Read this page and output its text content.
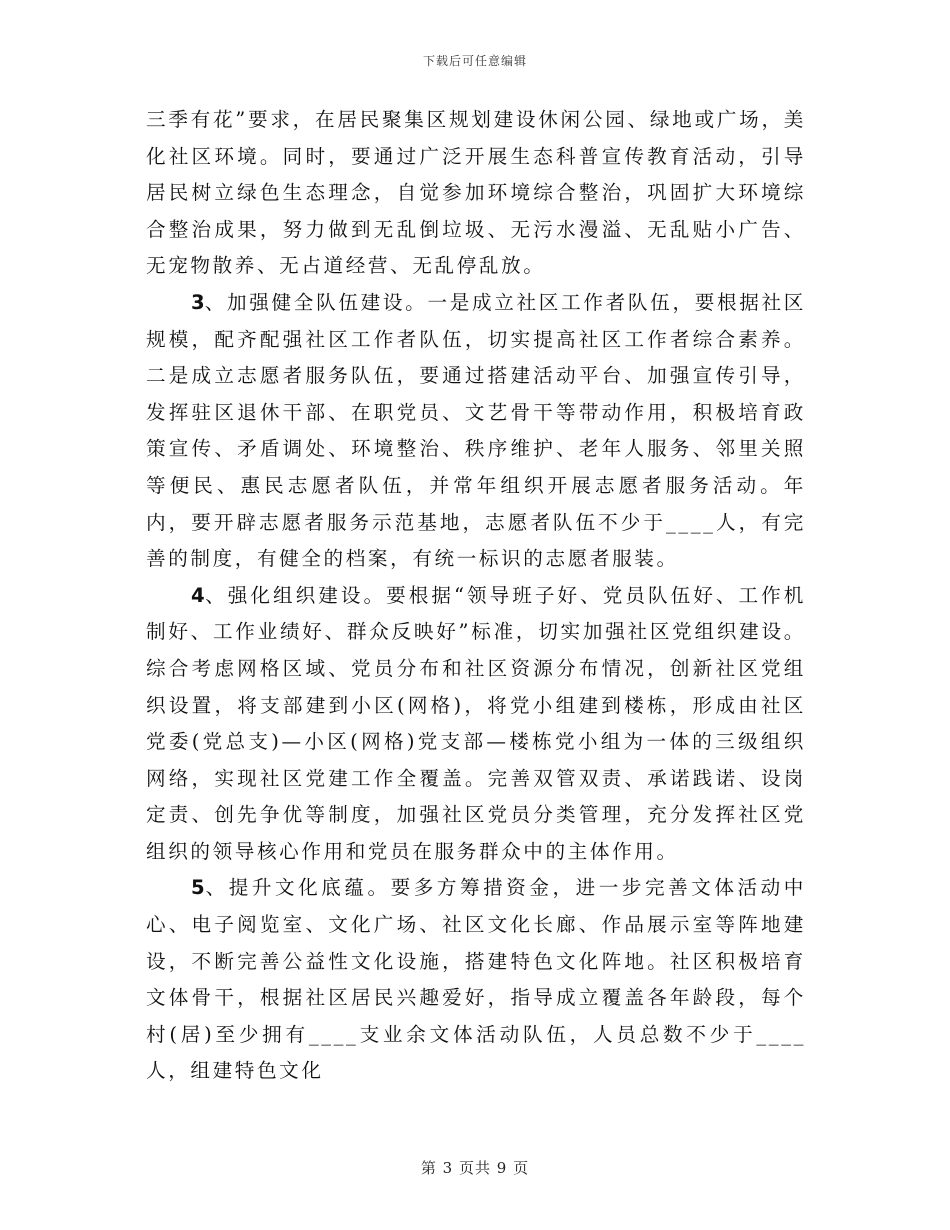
下载后可任意编辑

三季有花”要求，在居民聚集区规划建设休闲公园、绿地或广场，美化社区环境。同时，要通过广泛开展生态科普宣传教育活动，引导居民树立绿色生态理念，自觉参加环境综合整治，巩固扩大环境综合整治成果，努力做到无乱倒垃圾、无污水漫溢、无乱贴小广告、无宠物散养、无占道经营、无乱停乱放。

3、加强健全队伍建设。一是成立社区工作者队伍，要根据社区规模，配齐配强社区工作者队伍，切实提高社区工作者综合素养。二是成立志愿者服务队伍，要通过搭建活动平台、加强宣传引导，发挥驻区退休干部、在职党员、文艺骨干等带动作用，积极培育政策宣传、矛盾调处、环境整治、秩序维护、老年人服务、邻里关照等便民、惠民志愿者队伍，并常年组织开展志愿者服务活动。年内，要开辟志愿者服务示范基地，志愿者队伍不少于____人，有完善的制度，有健全的档案，有统一标识的志愿者服装。

4、强化组织建设。要根据“领导班子好、党员队伍好、工作机制好、工作业绩好、群众反映好”标准，切实加强社区党组织建设。综合考虑网格区域、党员分布和社区资源分布情况，创新社区党组织设置，将支部建到小区(网格)，将党小组建到楼栋，形成由社区党委(党总支)—小区(网格)党支部—楼栋党小组为一体的三级组织网络，实现社区党建工作全覆盖。完善双管双责、承诺践诺、设岗定责、创先争优等制度，加强社区党员分类管理，充分发挥社区党组织的领导核心作用和党员在服务群众中的主体作用。

5、提升文化底蕴。要多方筹措资金，进一步完善文体活动中心、电子阅览室、文化广场、社区文化长廊、作品展示室等阵地建设，不断完善公益性文化设施，搭建特色文化阵地。社区积极培育文体骨干，根据社区居民兴趣爱好，指导成立覆盖各年龄段，每个村(居)至少拥有____支业余文体活动队伍，人员总数不少于____人，组建特色文化

第 3 页共 9 页
